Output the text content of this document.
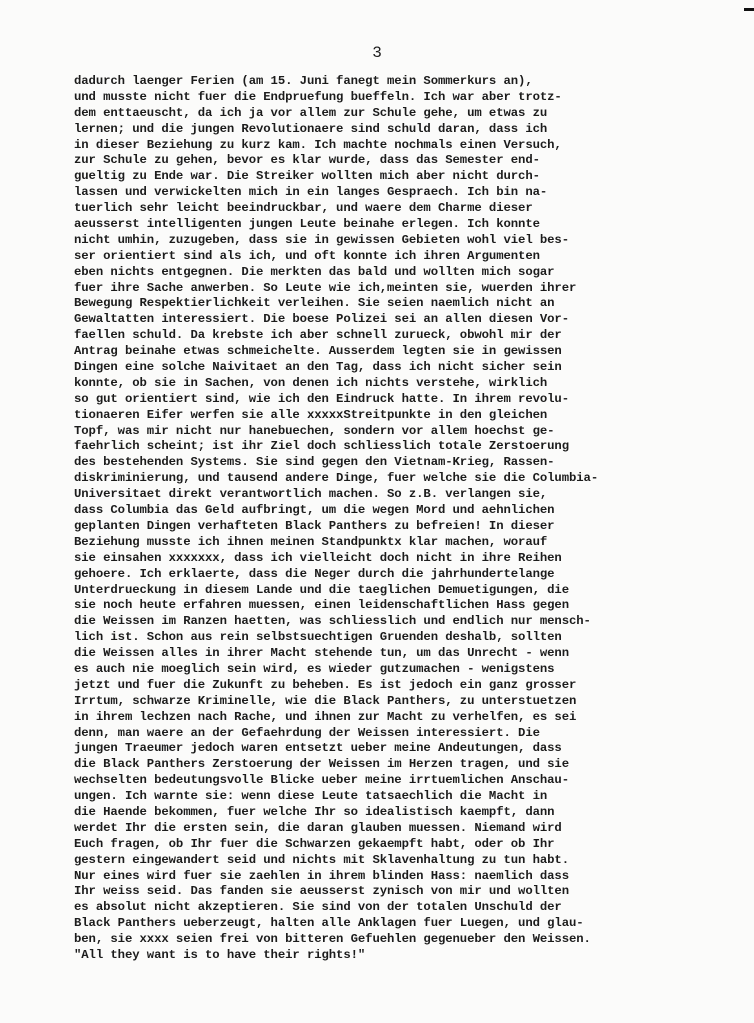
3
dadurch laenger Ferien (am 15. Juni fanegt mein Sommerkurs an),
und musste nicht fuer die Endpruefung bueffeln. Ich war aber trotz-
dem enttaeuscht, da ich ja vor allem zur Schule gehe, um etwas zu
lernen; und die jungen Revolutionaere sind schuld daran, dass ich
in dieser Beziehung zu kurz kam. Ich machte nochmals einen Versuch,
zur Schule zu gehen, bevor es klar wurde, dass das Semester end-
gueltig zu Ende war. Die Streiker wollten mich aber nicht durch-
lassen und verwickelten mich in ein langes Gespraech. Ich bin na-
tuerlich sehr leicht beeindruckbar, und waere dem Charme dieser
aeusserst intelligenten jungen Leute beinahe erlegen. Ich konnte
nicht umhin, zuzugeben, dass sie in gewissen Gebieten wohl viel bes-
ser orientiert sind als ich, und oft konnte ich ihren Argumenten
eben nichts entgegnen. Die merkten das bald und wollten mich sogar
fuer ihre Sache anwerben. So Leute wie ich,meinten sie, wuerden ihrer
Bewegung Respektierlichkeit verleihen. Sie seien naemlich nicht an
Gewaltatten interessiert. Die boese Polizei sei an allen diesen Vor-
faellen schuld. Da krebste ich aber schnell zurueck, obwohl mir der
Antrag beinahe etwas schmeichelte. Ausserdem legten sie in gewissen
Dingen eine solche Naivitaet an den Tag, dass ich nicht sicher sein
konnte, ob sie in Sachen, von denen ich nichts verstehe, wirklich
so gut orientiert sind, wie ich den Eindruck hatte. In ihrem revolu-
tionaeren Eifer werfen sie alle xxxxxStreitpunkte in den gleichen
Topf, was mir nicht nur hanebuechen, sondern vor allem hoechst ge-
faehrlich scheint; ist ihr Ziel doch schliesslich totale Zerstoerung
des bestehenden Systems. Sie sind gegen den Vietnam-Krieg, Rassen-
diskriminierung, und tausend andere Dinge, fuer welche sie die Columbia-
Universitaet direkt verantwortlich machen. So z.B. verlangen sie,
dass Columbia das Geld aufbringt, um die wegen Mord und aehnlichen
geplanten Dingen verhafteten Black Panthers zu befreien! In dieser
Beziehung musste ich ihnen meinen Standpunktx klar machen, worauf
sie einsahen xxxxxxx, dass ich vielleicht doch nicht in ihre Reihen
gehoere. Ich erklaerte, dass die Neger durch die jahrhundertelange
Unterdrueckung in diesem Lande und die taeglichen Demuetigungen, die
sie noch heute erfahren muessen, einen leidenschaftlichen Hass gegen
die Weissen im Ranzen haetten, was schliesslich und endlich nur mensch-
lich ist. Schon aus rein selbstsuechtigen Gruenden deshalb, sollten
die Weissen alles in ihrer Macht stehende tun, um das Unrecht - wenn
es auch nie moeglich sein wird, es wieder gutzumachen - wenigstens
jetzt und fuer die Zukunft zu beheben. Es ist jedoch ein ganz grosser
Irrtum, schwarze Kriminelle, wie die Black Panthers, zu unterstuetzen
in ihrem lechzen nach Rache, und ihnen zur Macht zu verhelfen, es sei
denn, man waere an der Gefaehrdung der Weissen interessiert. Die
jungen Traeumer jedoch waren entsetzt ueber meine Andeutungen, dass
die Black Panthers Zerstoerung der Weissen im Herzen tragen, und sie
wechselten bedeutungsvolle Blicke ueber meine irrtuemlichen Anschau-
ungen. Ich warnte sie: wenn diese Leute tatsaechlich die Macht in
die Haende bekommen, fuer welche Ihr so idealistisch kaempft, dann
werdet Ihr die ersten sein, die daran glauben muessen. Niemand wird
Euch fragen, ob Ihr fuer die Schwarzen gekaempft habt, oder ob Ihr
gestern eingewandert seid und nichts mit Sklavenhaltung zu tun habt.
Nur eines wird fuer sie zaehlen in ihrem blinden Hass: naemlich dass
Ihr weiss seid. Das fanden sie aeusserst zynisch von mir und wollten
es absolut nicht akzeptieren. Sie sind von der totalen Unschuld der
Black Panthers ueberzeugt, halten alle Anklagen fuer Luegen, und glau-
ben, sie xxxx seien frei von bitteren Gefuehlen gegenueber den Weissen.
"All they want is to have their rights!"
